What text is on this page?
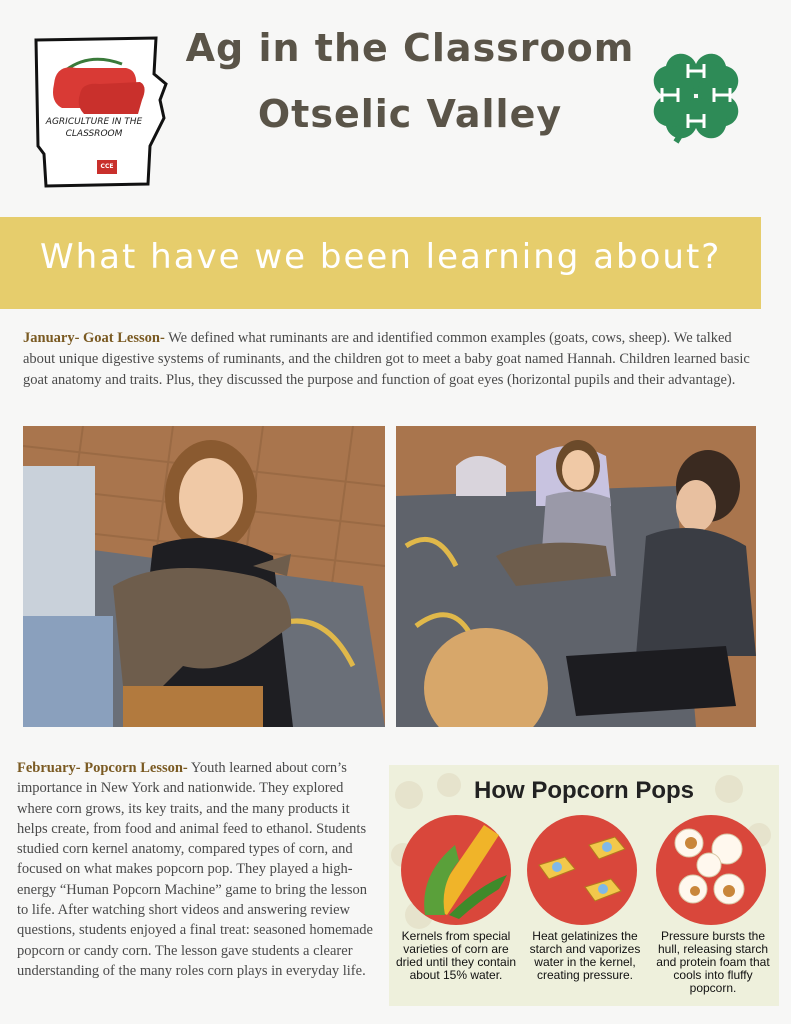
AGRICULTURE IN THE CLASSROOM
CCE
Ag in the Classroom
Otselic Valley
What have we been learning about?
January- Goat Lesson- We defined what ruminants are and identified common examples (goats, cows, sheep). We talked about unique digestive systems of ruminants, and the children got to meet a baby goat named Hannah. Children learned basic goat anatomy and traits. Plus, they discussed the purpose and function of goat eyes (horizontal pupils and their advantage).
February- Popcorn Lesson- Youth learned about corn’s importance in New York and nationwide. They explored where corn grows, its key traits, and the many products it helps create, from food and animal feed to ethanol. Students studied corn kernel anatomy, compared types of corn, and focused on what makes popcorn pop. They played a high-energy “Human Popcorn Machine” game to bring the lesson to life. After watching short videos and answering review questions, students enjoyed a final treat: seasoned homemade popcorn or candy corn. The lesson gave students a clearer understanding of the many roles corn plays in everyday life.
How Popcorn Pops
Kernels from special varieties of corn are dried until they contain about 15% water.
Heat gelatinizes the starch and vaporizes water in the kernel, creating pressure.
Pressure bursts the hull, releasing starch and protein foam that cools into fluffy popcorn.
